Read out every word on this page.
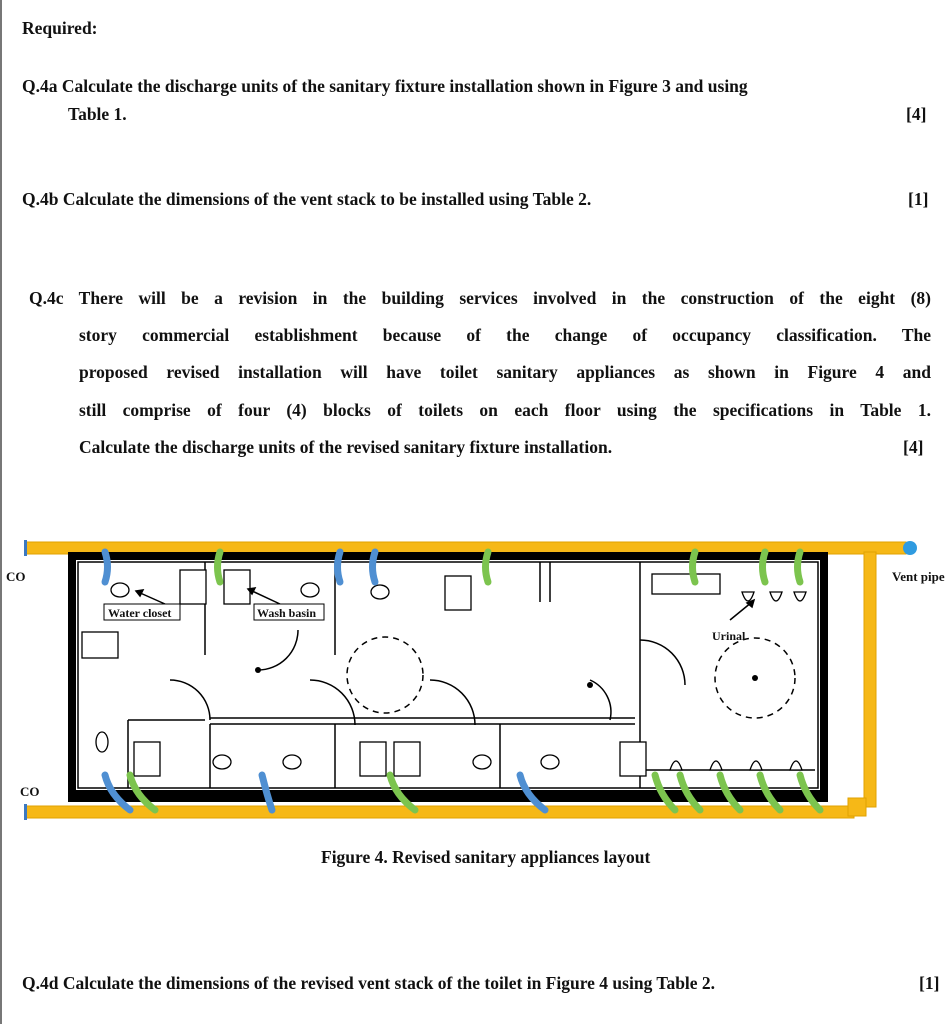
Required:
Q.4a Calculate the discharge units of the sanitary fixture installation shown in Figure 3 and using
Table 1.	[4]
Q.4b Calculate the dimensions of the vent stack to be installed using Table 2.	[1]
Q.4c There will be a revision in the building services involved in the construction of the eight (8)
story commercial establishment because of the change of occupancy classification. The
proposed revised installation will have toilet sanitary appliances as shown in Figure 4 and
still comprise of four (4) blocks of toilets on each floor using the specifications in Table 1.
Calculate the discharge units of the revised sanitary fixture installation.	[4]
CO
CO
Vent pipe
Water closet	Wash basin
Urinal
Figure 4. Revised sanitary appliances layout
Q.4d Calculate the dimensions of the revised vent stack of the toilet in Figure 4 using Table 2.	[1]
